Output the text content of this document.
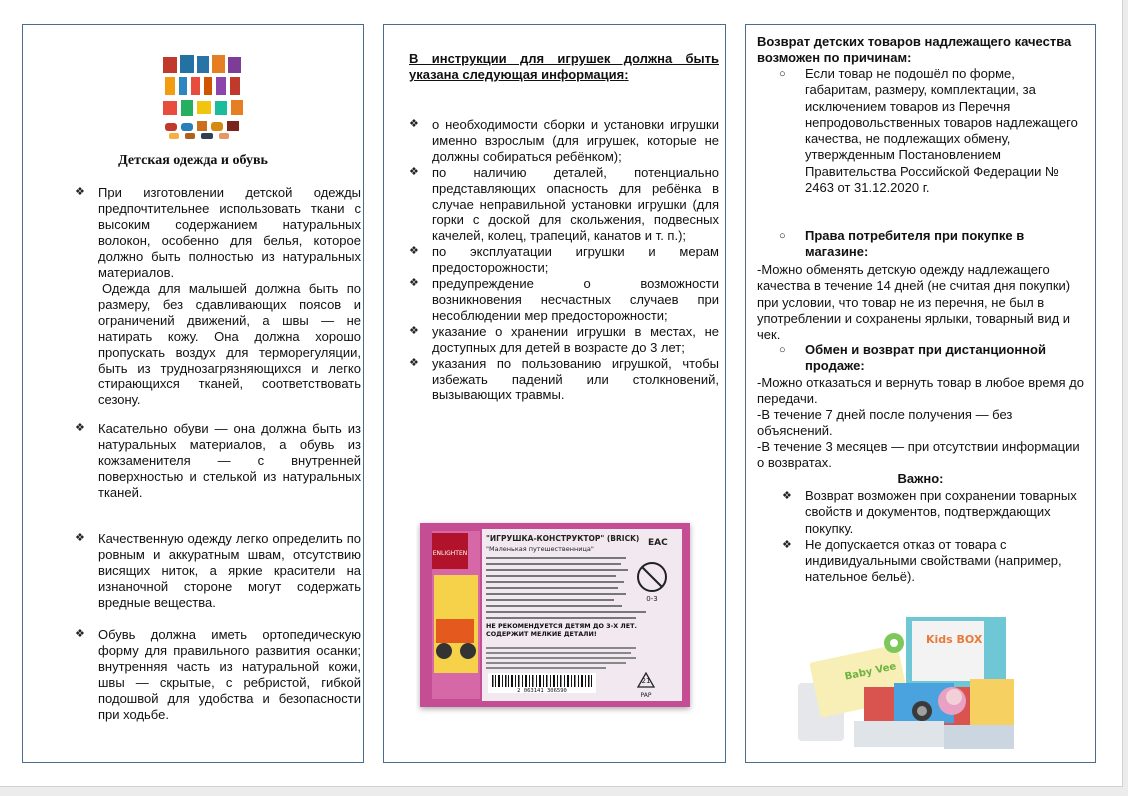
Детская одежда и обувь
❖ При изготовлении детской одежды предпочтительнее использовать ткани с высоким содержанием натуральных волокон, особенно для белья, которое должно быть полностью из натуральных материалов.
Одежда для малышей должна быть по размеру, без сдавливающих поясов и ограничений движений, а швы — не натирать кожу. Она должна хорошо пропускать воздух для терморегуляции, быть из труднозагрязняющихся и легко стирающихся тканей, соответствовать сезону.
❖ Касательно обуви — она должна быть из натуральных материалов, а обувь из кожзаменителя — с внутренней поверхностью и стелькой из натуральных тканей.
❖ Качественную одежду легко определить по ровным и аккуратным швам, отсутствию висящих ниток, а яркие красители на изнаночной стороне могут содержать вредные вещества.
❖ Обувь должна иметь ортопедическую форму для правильного развития осанки; внутренняя часть из натуральной кожи, швы — скрытые, с ребристой, гибкой подошвой для удобства и безопасности при ходьбе.
В инструкции для игрушек должна быть указана следующая информация:
❖ о необходимости сборки и установки игрушки именно взрослым (для игрушек, которые не должны собираться ребёнком);
❖ по наличию деталей, потенциально представляющих опасность для ребёнка в случае неправильной установки игрушки (для горки с доской для скольжения, подвесных качелей, колец, трапеций, канатов и т. п.);
❖ по эксплуатации игрушки и мерам предосторожности;
❖ предупреждение о возможности возникновения несчастных случаев при несоблюдении мер предосторожности;
❖ указание о хранении игрушки в местах, не доступных для детей в возрасте до 3 лет;
❖ указания по пользованию игрушкой, чтобы избежать падений или столкновений, вызывающих травмы.
ENLIGHTEN
"ИГРУШКА-КОНСТРУКТОР" (BRICK)
"Маленькая путешественница"
EAC
0-3
НЕ РЕКОМЕНДУЕТСЯ ДЕТЯМ ДО 3-Х ЛЕТ. СОДЕРЖИТ МЕЛКИЕ ДЕТАЛИ!
2 063141 306590
21
PAP
Возврат детских товаров надлежащего качества возможен по причинам:
○ Если товар не подошёл по форме, габаритам, размеру, комплектации, за исключением товаров из Перечня непродовольственных товаров надлежащего качества, не подлежащих обмену, утвержденным Постановлением Правительства Российской Федерации № 2463 от 31.12.2020 г.
○ Права потребителя при покупке в магазине:
-Можно обменять детскую одежду надлежащего качества в течение 14 дней (не считая дня покупки) при условии, что товар не из перечня, не был в употреблении и сохранены ярлыки, товарный вид и чек.
○ Обмен и возврат при дистанционной продаже:
-Можно отказаться и вернуть товар в любое время до передачи.
-В течение 7 дней после получения — без объяснений.
-В течение 3 месяцев — при отсутствии информации о возвратах.
Важно:
❖ Возврат возможен при сохранении товарных свойств и документов, подтверждающих покупку.
❖ Не допускается отказ от товара с индивидуальными свойствами (например, нательное бельё).
Baby Vee
Kids BOX
